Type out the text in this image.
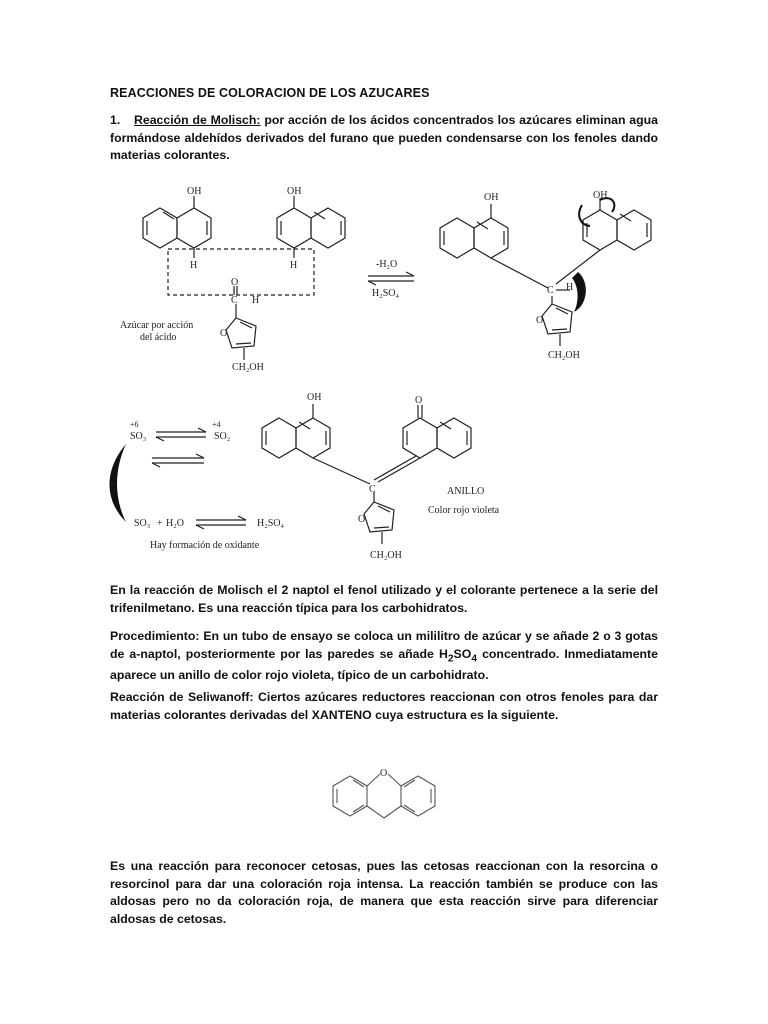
REACCIONES DE COLORACION DE LOS AZUCARES
1. Reacción de Molisch: por acción de los ácidos concentrados los azúcares eliminan agua formándose aldehídos derivados del furano que pueden condensarse con los fenoles dando materias colorantes.
OH	OH
H	H
O
C H
O
CH₂OH
Azúcar por acción
del ácido
-H₂O
H₂SO₄
OH	OH
C H
O
CH₂OH
+6	+4
SO₃	SO₂
SO₃ + H₂O	H₂SO₄
Hay formación de oxidante
OH	O
C
O
CH₂OH
ANILLO
Color rojo violeta
O
En la reacción de Molisch el 2 naptol el fenol utilizado y el colorante pertenece a la serie del trifenilmetano. Es una reacción típica para los carbohidratos.
Procedimiento: En un tubo de ensayo se coloca un mililitro de azúcar y se añade 2 o 3 gotas de a-naptol, posteriormente por las paredes se añade $H_2SO_4$ concentrado. Inmediatamente aparece un anillo de color rojo violeta, típico de un carbohidrato.
Reacción de Seliwanoff: Ciertos azúcares reductores reaccionan con otros fenoles para dar materias colorantes derivadas del XANTENO cuya estructura es la siguiente.
Es una reacción para reconocer cetosas, pues las cetosas reaccionan con la resorcina o resorcinol para dar una coloración roja intensa. La reacción también se produce con las aldosas pero no da coloración roja, de manera que esta reacción sirve para diferenciar aldosas de cetosas.
